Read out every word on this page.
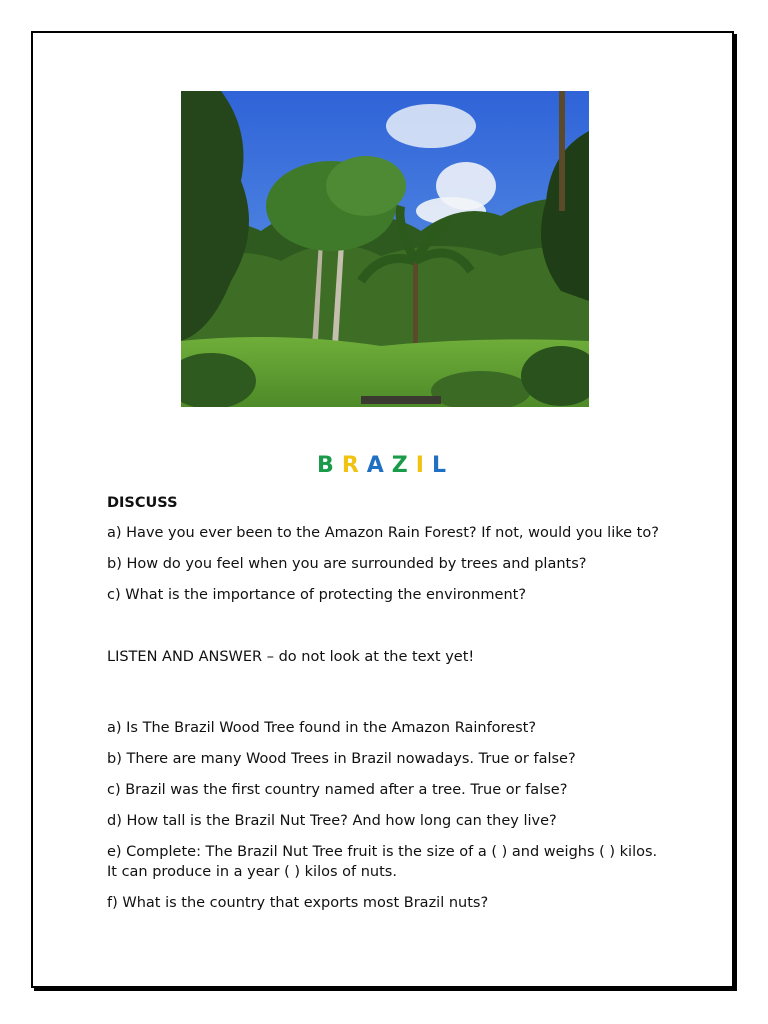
B R A Z I L
DISCUSS
a) Have you ever been to the Amazon Rain Forest? If not, would you like to?
b) How do you feel when you are surrounded by trees and plants?
c) What is the importance of protecting the environment?
LISTEN AND ANSWER – do not look at the text yet!
a) Is The Brazil Wood Tree found in the Amazon Rainforest?
b) There are many Wood Trees in Brazil nowadays. True or false?
c) Brazil was the first country named after a tree. True or false?
d) How tall is the Brazil Nut Tree? And how long can they live?
e) Complete: The Brazil Nut Tree fruit is the size of a ( ) and weighs ( ) kilos. It can produce in a year ( ) kilos of nuts.
f) What is the country that exports most Brazil nuts?
